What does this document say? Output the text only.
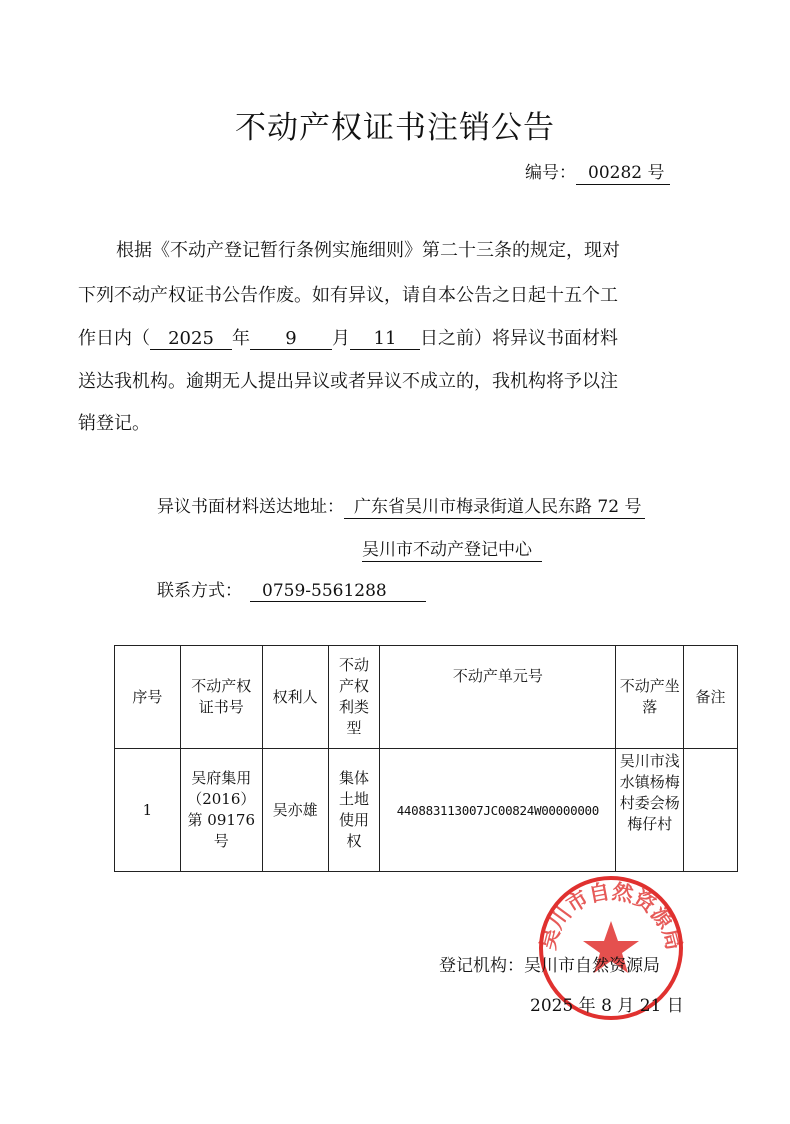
不动产权证书注销公告
编号： 00282 号
根据《不动产登记暂行条例实施细则》第二十三条的规定，现对
下列不动产权证书公告作废。如有异议，请自本公告之日起十五个工
作日内（ 2025 年 9 月 11 日之前）将异议书面材料
送达我机构。逾期无人提出异议或者异议不成立的，我机构将予以注
销登记。
异议书面材料送达地址： 广东省吴川市梅录街道人民东路 72 号
吴川市不动产登记中心
联系方式： 0759-5561288
序号	不动产权证书号	权利人	不动产权利类型	不动产单元号	不动产坐落	备注
1	吴府集用（2016）第 09176 号	吴亦雄	集体土地使用权	440883113007JC00824W00000000	吴川市浅水镇杨梅村委会杨梅仔村	
吴川市自然资源局
登记机构：吴川市自然资源局
2025 年 8 月 21 日
